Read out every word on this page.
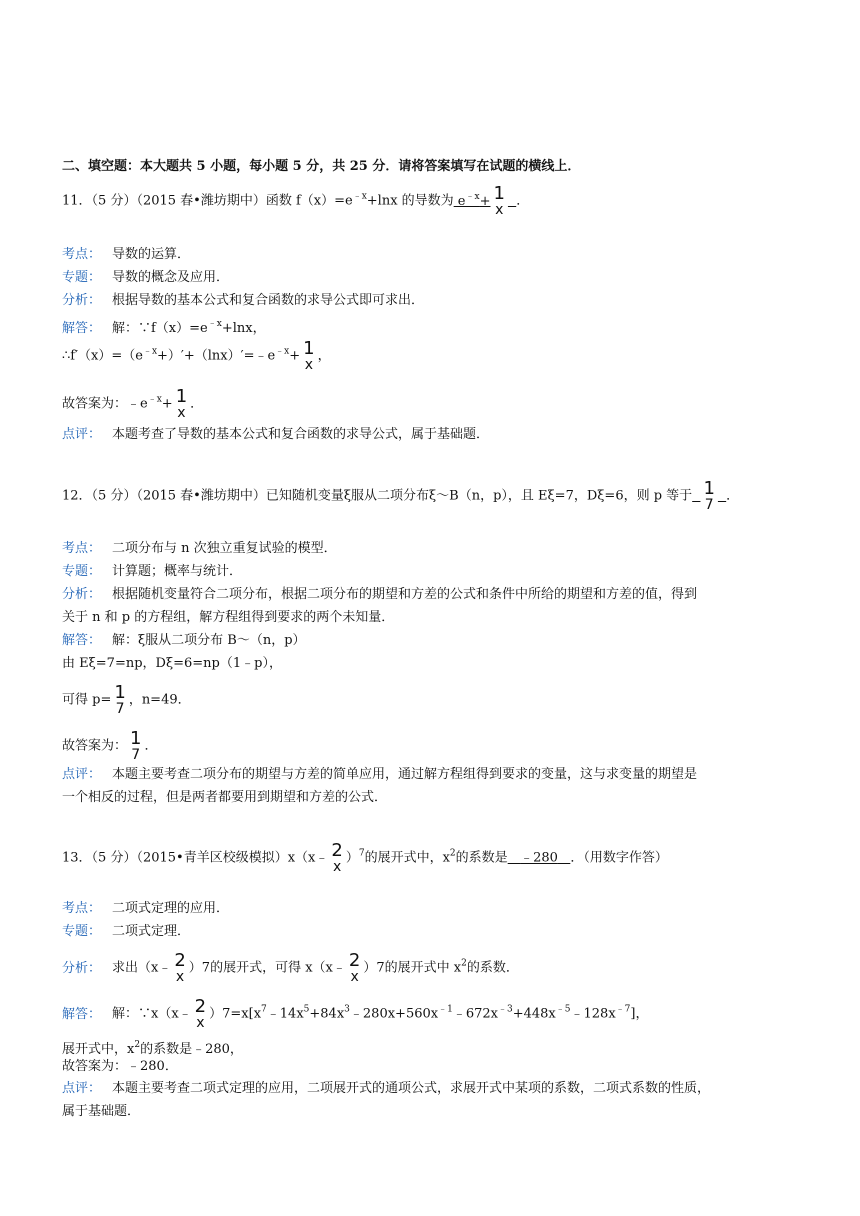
二、填空题：本大题共 5 小题，每小题 5 分，共 25 分．请将答案填写在试题的横线上．
11．（5 分）（2015 春•潍坊期中）函数 $f(x)=e^{﹣x}+\ln x$ 的导数为 $e^{﹣x}+ 1$
x
．
考点： 导数的运算．
专题： 导数的概念及应用．
分析： 根据导数的基本公式和复合函数的求导公式即可求出．
解答： 解：$\because f(x)=e^{﹣x}+\ln x$，
$\therefore f'(x)=(e^{﹣x}+)'+(\ln x)'=﹣e^{﹣x}+ 1$
x
，
故答案为：$﹣e^{﹣x}+ 1$
x
．
点评： 本题考查了导数的基本公式和复合函数的求导公式，属于基础题．
12．（5 分）（2015 春•潍坊期中）已知随机变量ξ服从二项分布ξ～B（n，p），且 Eξ=7，Dξ=6，则 p 等于 1
7
．
考点： 二项分布与 n 次独立重复试验的模型．
专题： 计算题；概率与统计．
分析： 根据随机变量符合二项分布，根据二项分布的期望和方差的公式和条件中所给的期望和方差的值，得到
关于 n 和 p 的方程组，解方程组得到要求的两个未知量．
解答： 解：ξ服从二项分布 B～（n，p）
由 Eξ=7=np，Dξ=6=np（1﹣p），
可得 p= 1
7
，n=49．
故答案为： 1
7
．
点评： 本题主要考查二项分布的期望与方差的简单应用，通过解方程组得到要求的变量，这与求变量的期望是
一个相反的过程，但是两者都要用到期望和方差的公式．
13．（5 分）（2015•青羊区校级模拟）x（x﹣ 2
x
）$^7$的展开式中，$x^2$的系数是 ﹣280 ．（用数字作答）
考点： 二项式定理的应用．
专题： 二项式定理．
分析： 求出（x﹣ 2
x
）7的展开式，可得 x（x﹣ 2
x
）7的展开式中 $x^2$的系数．
解答： 解：∵x（x﹣ 2
x
）$7=x[x^7﹣14x^5+84x^3﹣280x+560x^{﹣1}﹣672x^{﹣3}+448x^{﹣5}﹣128x^{﹣7}]$，
展开式中，$x^2$的系数是﹣280，
故答案为：﹣280．
点评： 本题主要考查二项式定理的应用，二项展开式的通项公式，求展开式中某项的系数，二项式系数的性质，
属于基础题．
